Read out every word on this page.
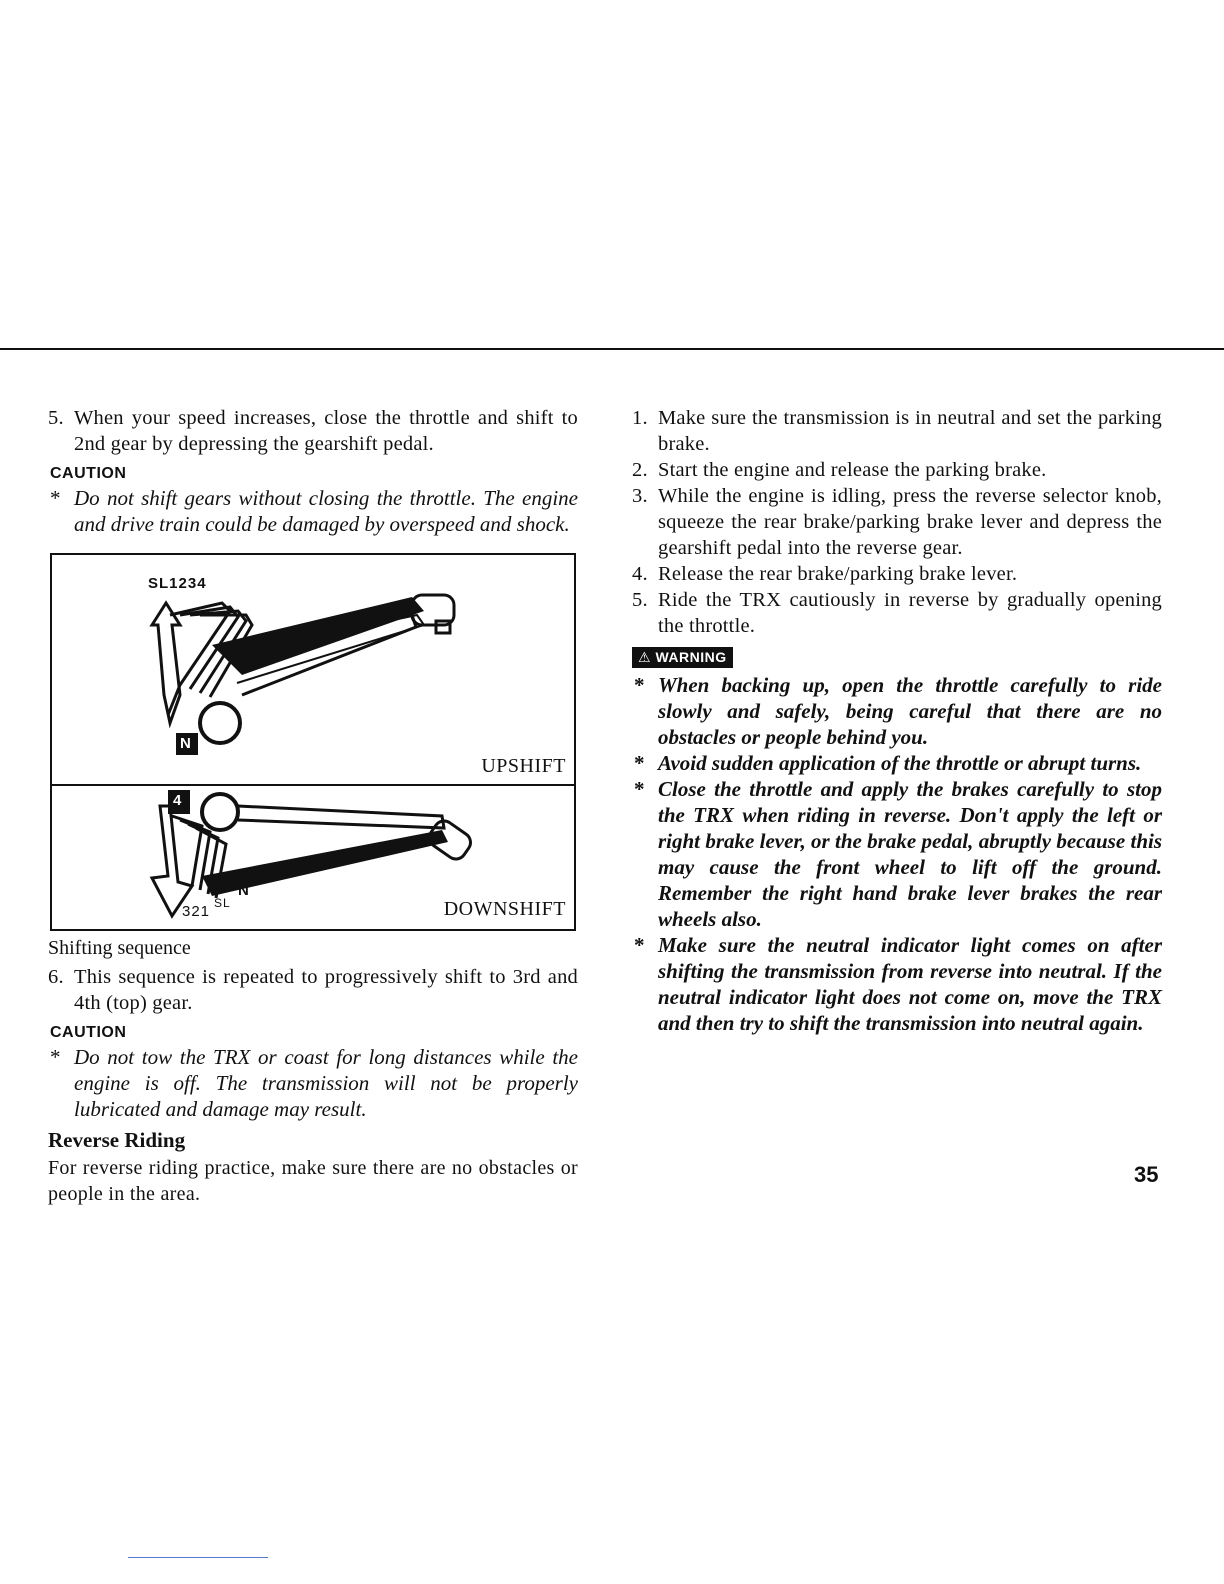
5. When your speed increases, close the throttle and shift to 2nd gear by depressing the gearshift pedal.

CAUTION

* Do not shift gears without closing the throttle. The engine and drive train could be damaged by overspeed and shock.

SL1234
N
UPSHIFT
4
N
321 SL	DOWNSHIFT
Shifting sequence

6. This sequence is repeated to progressively shift to 3rd and 4th (top) gear.

CAUTION

* Do not tow the TRX or coast for long distances while the engine is off. The transmission will not be properly lubricated and damage may result.

Reverse Riding

For reverse riding practice, make sure there are no obstacles or people in the area.

1. Make sure the transmission is in neutral and set the parking brake.

2. Start the engine and release the parking brake.

3. While the engine is idling, press the reverse selector knob, squeeze the rear brake/parking brake lever and depress the gearshift pedal into the reverse gear.

4. Release the rear brake/parking brake lever.

5. Ride the TRX cautiously in reverse by gradually opening the throttle.

⚠ WARNING

* When backing up, open the throttle carefully to ride slowly and safely, being careful that there are no obstacles or people behind you.

* Avoid sudden application of the throttle or abrupt turns.

* Close the throttle and apply the brakes carefully to stop the TRX when riding in reverse. Don't apply the left or right brake lever, or the brake pedal, abruptly because this may cause the front wheel to lift off the ground. Remember the right hand brake lever brakes the rear wheels also.

* Make sure the neutral indicator light comes on after shifting the transmission from reverse into neutral. If the neutral indicator light does not come on, move the TRX and then try to shift the transmission into neutral again.

35
